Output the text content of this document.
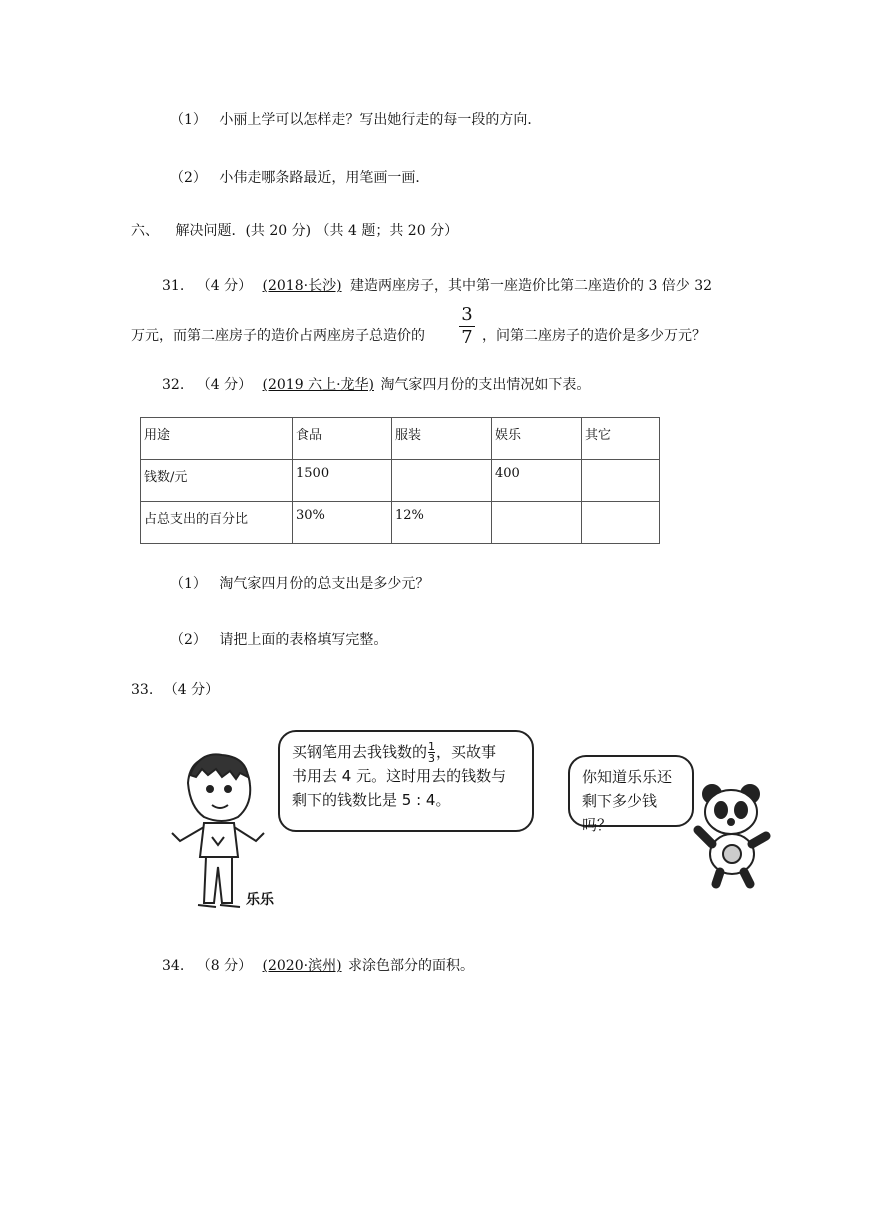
（1） 小丽上学可以怎样走？写出她行走的每一段的方向．
（2） 小伟走哪条路最近，用笔画一画．
六、 解决问题．(共 20 分) （共 4 题；共 20 分）
31. （4 分） (2018·长沙) 建造两座房子，其中第一座造价比第二座造价的 3 倍少 32
万元，而第二座房子的造价占两座房子总造价的
3
7 ，问第二座房子的造价是多少万元？
32. （4 分） (2019 六上·龙华) 淘气家四月份的支出情况如下表。
用途	食品	服装	娱乐	其它
钱数/元	1500		400	
占总支出的百分比	30%	12%		
（1） 淘气家四月份的总支出是多少元？
（2） 请把上面的表格填写完整。
33. （4 分）
乐乐
买钢笔用去我钱数的$\frac{1}{3}$，买故事
书用去 4 元。这时用去的钱数与
剩下的钱数比是 5 : 4。
你知道乐乐还
剩下多少钱吗？
34. （8 分） (2020·滨州) 求涂色部分的面积。
